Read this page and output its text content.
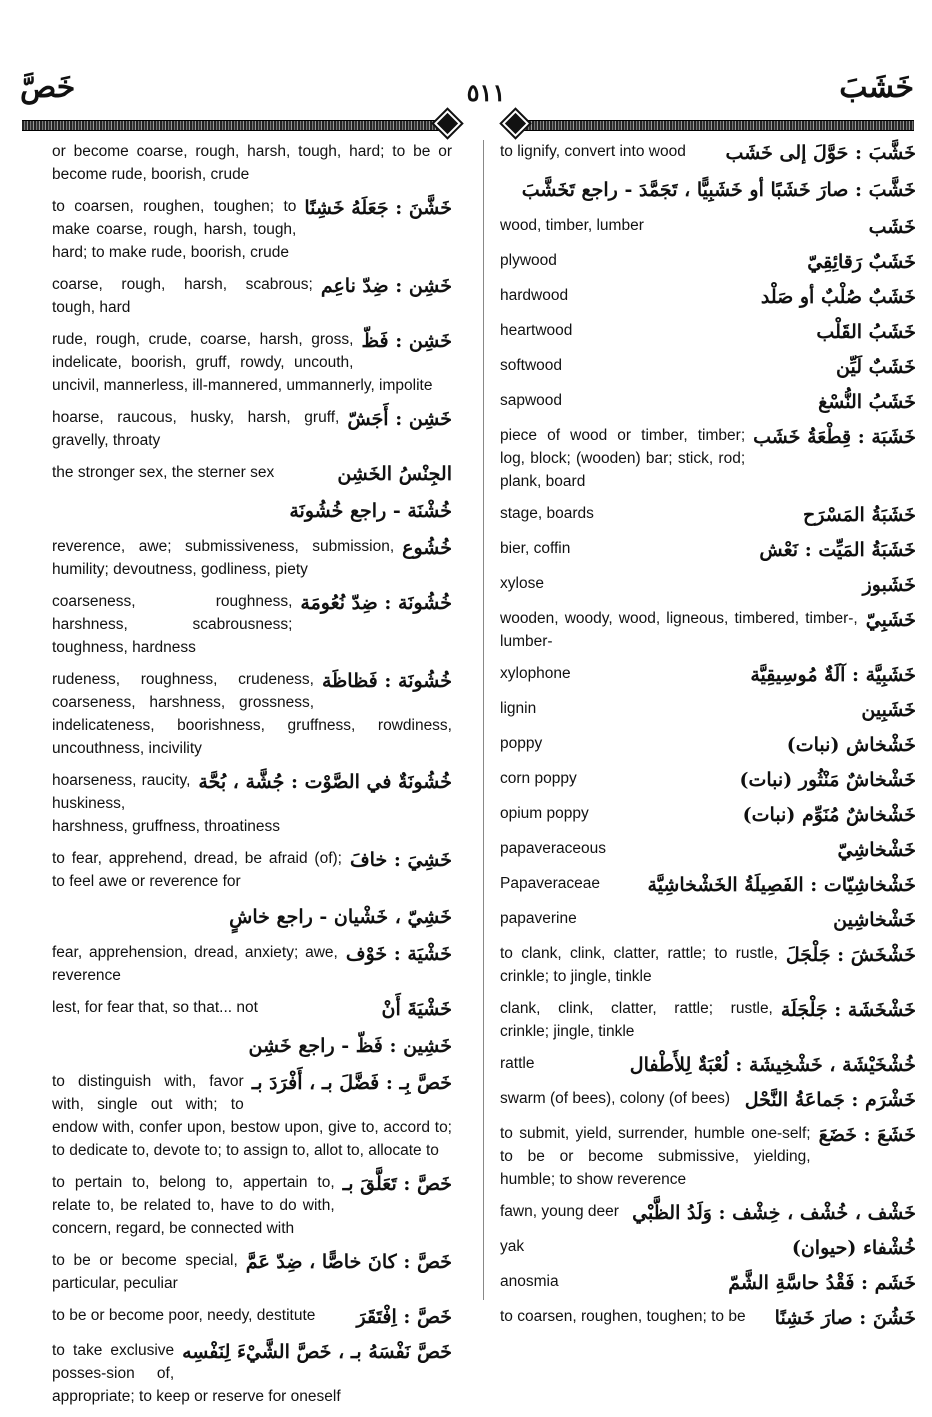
خَصَّ	٥١١	خَشَبَ
or become coarse, rough, harsh, tough, hard; to be or become rude, boorish, crude
خَشَّنَ : جَعَلَهُ خَشِنًا
to coarsen, roughen, toughen; to make coarse, rough, harsh, tough, hard; to make rude, boorish, crude
خَشِن : ضِدّ ناعِم
coarse, rough, harsh, scabrous; tough, hard
خَشِن : فَظّ
rude, rough, crude, coarse, harsh, gross, indelicate, boorish, gruff, rowdy, uncouth, uncivil, mannerless, ill-mannered, ummannerly, impolite
خَشِن : أَجَشّ
hoarse, raucous, husky, harsh, gruff, gravelly, throaty
الجِنْسُ الخَشِن
the stronger sex, the sterner sex
خُشْنَة - راجع خُشُونَة
خُشُوع
reverence, awe; submissiveness, submission, humility; devoutness, godliness, piety
خُشُونَة : ضِدّ نُعُومَة
coarseness, roughness, harshness, scabrousness; toughness, hardness
خُشُونَة : فَظاظَة
rudeness, roughness, crudeness, coarseness, harshness, grossness, indelicateness, boorishness, gruffness, rowdiness, uncouthness, incivility
خُشُونَةٌ في الصَّوْت : جُشَّة ، بُحَّة
hoarseness, raucity, huskiness, harshness, gruffness, throatiness
خَشِيَ : خافَ
to fear, apprehend, dread, be afraid (of); to feel awe or reverence for
خَشِيّ ، خَشْيان - راجع خاشٍ
خَشْيَة : خَوْف
fear, apprehension, dread, anxiety; awe, reverence
خَشْيَةَ أَنْ
lest, for fear that, so that... not
خَشِين : فَظّ - راجع خَشِن
خَصَّ بِـ : فَضَّلَ بـ ، أَفْرَدَ بـ
to distinguish with, favor with, single out with; to endow with, confer upon, bestow upon, give to, accord to; to dedicate to, devote to; to assign to, allot to, allocate to
خَصَّ : تَعَلَّقَ بـ
to pertain to, belong to, appertain to, relate to, be related to, have to do with, concern, regard, be connected with
خَصَّ : كانَ خاصًّا ، ضِدّ عَمَّ
to be or become special, particular, peculiar
خَصَّ : اِفْتَقَرَ
to be or become poor, needy, destitute
خَصَّ نَفْسَهُ بـ ، خَصَّ الشَّيْءَ لِنَفْسِه
to take exclusive posses-sion of, appropriate; to keep or reserve for oneself
خَشَّبَ : حَوَّلَ إلى خَشَب
to lignify, convert into wood
خَشَّبَ : صارَ خَشَبًا أو خَشَبِيًّا ، تَجَمَّدَ - راجع تَخَشَّبَ
خَشَب
wood, timber, lumber
خَشَبٌ رَقائِقِيّ
plywood
خَشَبٌ صُلْبٌ أو صَلْد
hardwood
خَشَبُ القَلْب
heartwood
خَشَبٌ لَيِّن
softwood
خَشَبُ النُّسْغ
sapwood
خَشَبَة : قِطْعَةُ خَشَب
piece of wood or timber, timber; log, block; (wooden) bar; stick, rod; plank, board
خَشَبَةُ المَسْرَح
stage, boards
خَشَبَةُ المَيِّت : نَعْش
bier, coffin
خَشَبوز
xylose
خَشَبِيّ
wooden, woody, wood, ligneous, timbered, timber-, lumber-
خَشَبِيَّة : آلَةٌ مُوسِيقِيَّة
xylophone
خَشَبِين
lignin
خَشْخاش (نبات)
poppy
خَشْخاشٌ مَنْثُور (نبات)
corn poppy
خَشْخاشٌ مُنَوِّم (نبات)
opium poppy
خَشْخاشِيّ
papaveraceous
خَشْخاشِيّات : الفَصِيلَةُ الخَشْخاشِيَّة
Papaveraceae
خَشْخاشِين
papaverine
خَشْخَشَ : جَلْجَلَ
to clank, clink, clatter, rattle; to rustle, crinkle; to jingle, tinkle
خَشْخَشَة : جَلْجَلَة
clank, clink, clatter, rattle; rustle, crinkle; jingle, tinkle
خُشْخَيْشَة ، خَشْخِيشَة : لُعْبَةٌ لِلأَطْفال
rattle
خَشْرَم : جَماعَةُ النَّحْل
swarm (of bees), colony (of bees)
خَشَعَ : خَضَعَ
to submit, yield, surrender, humble one-self; to be or become submissive, yielding, humble; to show reverence
خَشْف ، خُشْف ، خِشْف : وَلَدُ الظَّبْي
fawn, young deer
خُشْفاء (حيوان)
yak
خَشَم : فَقْدُ حاسَّةِ الشَّمّ
anosmia
خَشُنَ : صارَ خَشِنًا
to coarsen, roughen, toughen; to be
